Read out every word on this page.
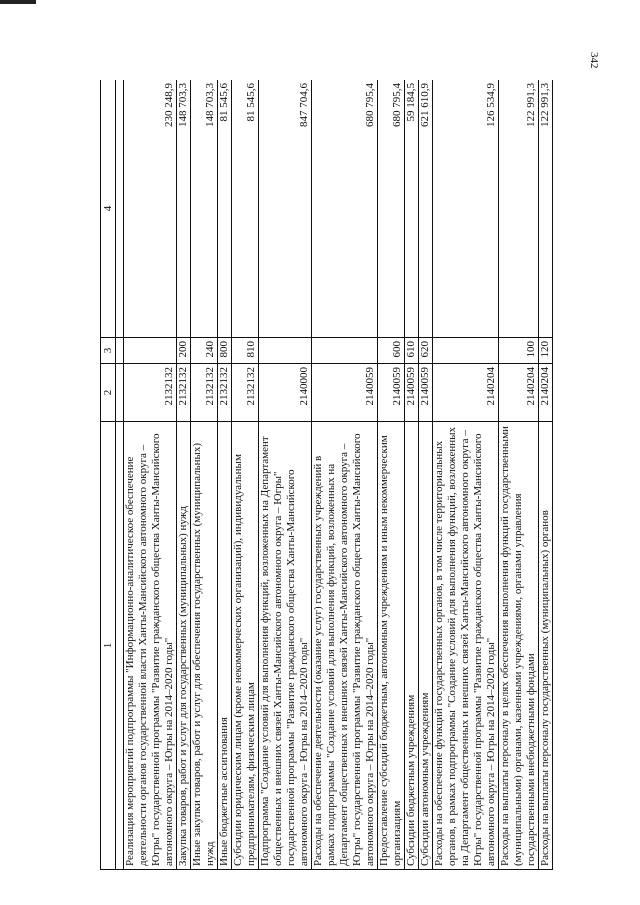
342
1	2	3	4

Реализация мероприятий подпрограммы "Информационно-аналитическое обеспечение деятельности органов государственной власти Ханты-Мансийского автономного округа – Югры" государственной программы "Развитие гражданского общества Ханты-Мансийского автономного округа – Югры на 2014–2020 годы"	2132132		230 248,9
Закупка товаров, работ и услуг для государственных (муниципальных) нужд	2132132	200	148 703,3
Иные закупки товаров, работ и услуг для обеспечения государственных (муниципальных) нужд	2132132	240	148 703,3
Иные бюджетные ассигнования	2132132	800	81 545,6
Субсидии юридическим лицам (кроме некоммерческих организаций), индивидуальным предпринимателям, физическим лицам	2132132	810	81 545,6
Подпрограмма "Создание условий для выполнения функций, возложенных на Департамент общественных и внешних связей Ханты-Мансийского автономного округа – Югры" государственной программы "Развитие гражданского общества Ханты-Мансийского автономного округа – Югры на 2014–2020 годы"	2140000		847 704,6
Расходы на обеспечение деятельности (оказание услуг) государственных учреждений в рамках подпрограммы "Создание условий для выполнения функций, возложенных на Департамент общественных и внешних связей Ханты-Мансийского автономного округа – Югры" государственной программы "Развитие гражданского общества Ханты-Мансийского автономного округа – Югры на 2014–2020 годы"	2140059		680 795,4
Предоставление субсидий бюджетным, автономным учреждениям и иным некоммерческим организациям	2140059	600	680 795,4
Субсидии бюджетным учреждениям	2140059	610	59 184,5
Субсидии автономным учреждениям	2140059	620	621 610,9
Расходы на обеспечение функций государственных органов, в том числе территориальных органов, в рамках подпрограммы "Создание условий для выполнения функций, возложенных на Департамент общественных и внешних связей Ханты-Мансийского автономного округа – Югры" государственной программы "Развитие гражданского общества Ханты-Мансийского автономного округа – Югры на 2014–2020 годы"	2140204		126 534,9
Расходы на выплаты персоналу в целях обеспечения выполнения функций государственными (муниципальными) органами, казенными учреждениями, органами управления государственными внебюджетными фондами	2140204	100	122 991,3
Расходы на выплаты персоналу государственных (муниципальных) органов	2140204	120	122 991,3
